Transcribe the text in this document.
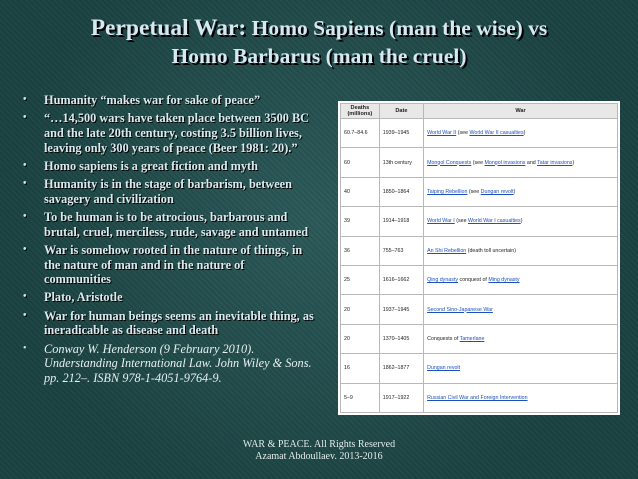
Perpetual War: Homo Sapiens (man the wise) vs
Homo Barbarus (man the cruel)
• Humanity “makes war for sake of peace”
• “…14,500 wars have taken place between 3500 BC and the late 20th century, costing 3.5 billion lives, leaving only 300 years of peace (Beer 1981: 20).”
• Homo sapiens is a great fiction and myth
• Humanity is in the stage of barbarism, between savagery and civilization
• To be human is to be atrocious, barbarous and brutal, cruel, merciless, rude, savage and untamed
• War is somehow rooted in the nature of things, in the nature of man and in the nature of communities
• Plato, Aristotle
• War for human beings seems an inevitable thing, as ineradicable as disease and death
• Conway W. Henderson (9 February 2010). Understanding International Law. John Wiley & Sons. pp. 212–. ISBN 978-1-4051-9764-9.
Deaths (millions)	Date	War
60.7–84.6	1939–1945	World War II (see World War II casualties)
60	13th century	Mongol Conquests (see Mongol invasions and Tatar invasions)
40	1850–1864	Taiping Rebellion (see Dungan revolt)
39	1914–1918	World War I (see World War I casualties)
36	755–763	An Shi Rebellion (death toll uncertain)
25	1616–1662	Qing dynasty conquest of Ming dynasty
20	1937–1945	Second Sino-Japanese War
20	1370–1405	Conquests of Tamerlane
16	1862–1877	Dungan revolt
5–9	1917–1922	Russian Civil War and Foreign Intervention
WAR & PEACE. All Rights Reserved
Azamat Abdoullaev. 2013-2016
